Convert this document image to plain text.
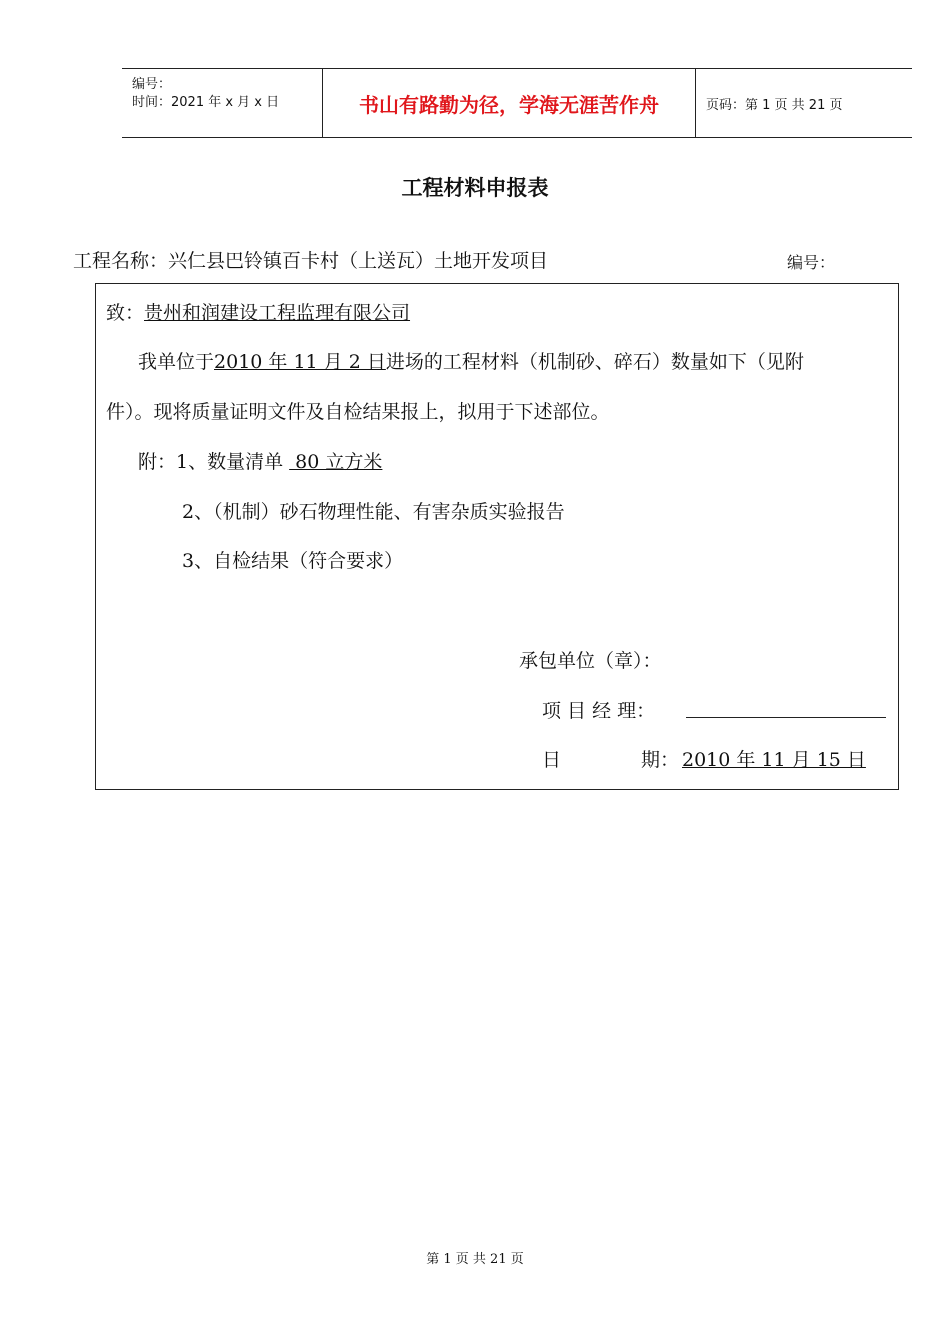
编号：
时间：2021 年 x 月 x 日	书山有路勤为径，学海无涯苦作舟	页码：第 1 页 共 21 页
工程材料申报表
工程名称：兴仁县巴铃镇百卡村（上送瓦）土地开发项目	编号：
致：贵州和润建设工程监理有限公司
我单位于2010 年 11 月 2 日进场的工程材料（机制砂、碎石）数量如下（见附
件）。现将质量证明文件及自检结果报上，拟用于下述部位。
附：1、数量清单  80 立方米
2、（机制）砂石物理性能、有害杂质实验报告
3、自检结果（符合要求）
承包单位（章）：
项 目 经 理：
日	期： 2010 年 11 月 15 日
第 1 页 共 21 页
